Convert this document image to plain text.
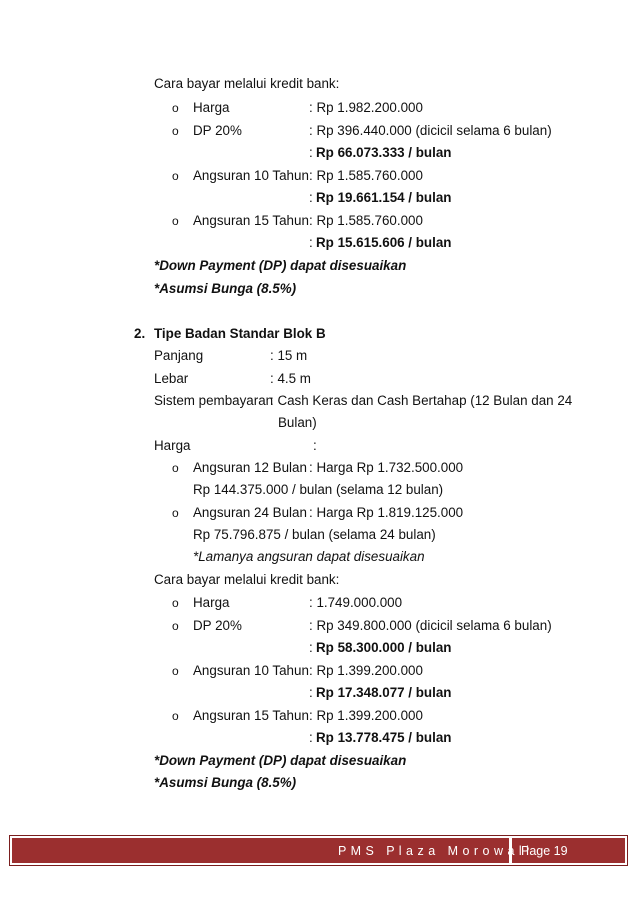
Cara bayar melalui kredit bank:
o Harga	: Rp 1.982.200.000
o DP 20%	: Rp 396.440.000 (dicicil selama 6 bulan)
: Rp 66.073.333 / bulan
o Angsuran 10 Tahun : Rp 1.585.760.000
: Rp 19.661.154 / bulan
o Angsuran 15 Tahun : Rp 1.585.760.000
: Rp 15.615.606 / bulan
*Down Payment (DP) dapat disesuaikan
*Asumsi Bunga (8.5%)
2. Tipe Badan Standar Blok B
Panjang	: 15 m
Lebar	: 4.5 m
Sistem pembayaran
: Cash Keras dan Cash Bertahap (12 Bulan dan 24
Bulan)
Harga	:
o Angsuran 12 Bulan : Harga Rp 1.732.500.000
Rp 144.375.000 / bulan (selama 12 bulan)
o Angsuran 24 Bulan : Harga Rp 1.819.125.000
Rp 75.796.875 / bulan (selama 24 bulan)
*Lamanya angsuran dapat disesuaikan
Cara bayar melalui kredit bank:
o Harga	: 1.749.000.000
o DP 20%	: Rp 349.800.000 (dicicil selama 6 bulan)
: Rp 58.300.000 / bulan
o Angsuran 10 Tahun : Rp 1.399.200.000
: Rp 17.348.077 / bulan
o Angsuran 15 Tahun : Rp 1.399.200.000
: Rp 13.778.475 / bulan
*Down Payment (DP) dapat disesuaikan
*Asumsi Bunga (8.5%)
P M S   P l a z a   M o r o w a l i
Page 19
